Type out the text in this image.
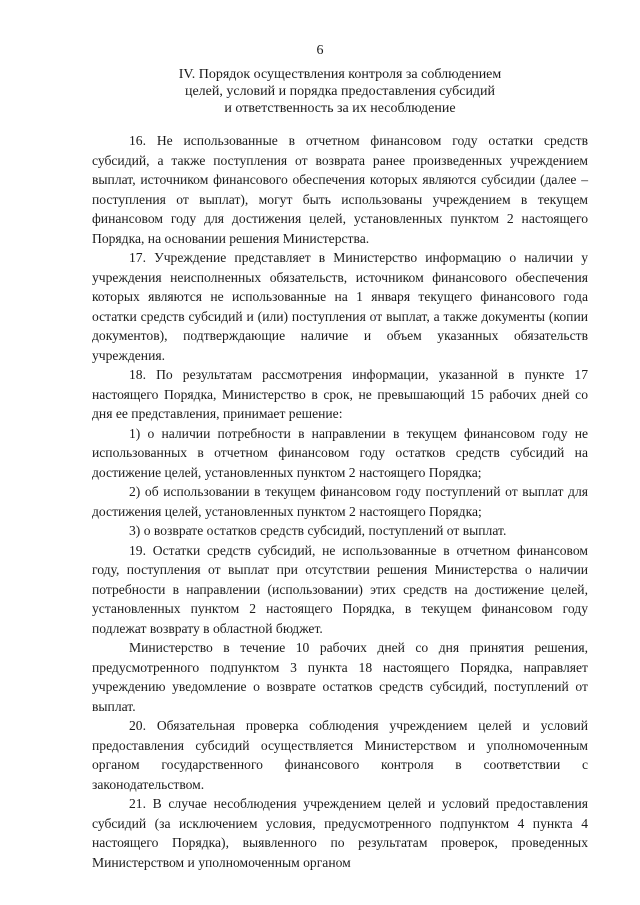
6
IV. Порядок осуществления контроля за соблюдением
целей, условий и порядка предоставления субсидий
и ответственность за их несоблюдение

16. Не использованные в отчетном финансовом году остатки средств субсидий, а также поступления от возврата ранее произведенных учреждением выплат, источником финансового обеспечения которых являются субсидии (далее – поступления от выплат), могут быть использованы учреждением в текущем финансовом году для достижения целей, установленных пунктом 2 настоящего Порядка, на основании решения Министерства.

17. Учреждение представляет в Министерство информацию о наличии у учреждения неисполненных обязательств, источником финансового обеспечения которых являются не использованные на 1 января текущего финансового года остатки средств субсидий и (или) поступления от выплат, а также документы (копии документов), подтверждающие наличие и объем указанных обязательств учреждения.

18. По результатам рассмотрения информации, указанной в пункте 17 настоящего Порядка, Министерство в срок, не превышающий 15 рабочих дней со дня ее представления, принимает решение:

1) о наличии потребности в направлении в текущем финансовом году не использованных в отчетном финансовом году остатков средств субсидий на достижение целей, установленных пунктом 2 настоящего Порядка;

2) об использовании в текущем финансовом году поступлений от выплат для достижения целей, установленных пунктом 2 настоящего Порядка;

3) о возврате остатков средств субсидий, поступлений от выплат.

19. Остатки средств субсидий, не использованные в отчетном финансовом году, поступления от выплат при отсутствии решения Министерства о наличии потребности в направлении (использовании) этих средств на достижение целей, установленных пунктом 2 настоящего Порядка, в текущем финансовом году подлежат возврату в областной бюджет.

Министерство в течение 10 рабочих дней со дня принятия решения, предусмотренного подпунктом 3 пункта 18 настоящего Порядка, направляет учреждению уведомление о возврате остатков средств субсидий, поступлений от выплат.

20. Обязательная проверка соблюдения учреждением целей и условий предоставления субсидий осуществляется Министерством и уполномоченным органом государственного финансового контроля в соответствии с законодательством.

21. В случае несоблюдения учреждением целей и условий предоставления субсидий (за исключением условия, предусмотренного подпунктом 4 пункта 4 настоящего Порядка), выявленного по результатам проверок, проведенных Министерством и уполномоченным органом
